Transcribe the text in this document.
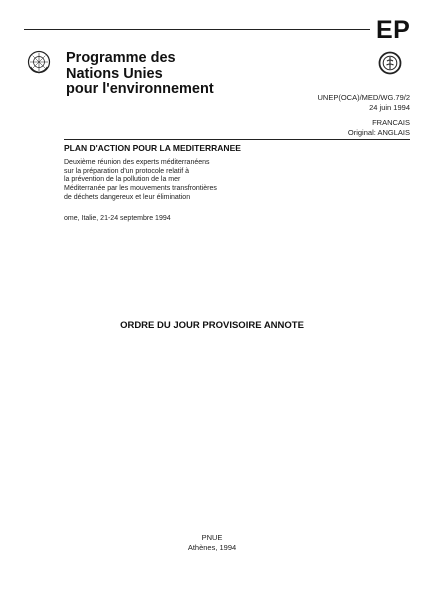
EP
Programme des
Nations Unies
pour l'environnement
UNEP(OCA)/MED/WG.79/2
24 juin 1994
FRANCAIS
Original: ANGLAIS
PLAN D'ACTION POUR LA MEDITERRANEE
Deuxième réunion des experts méditerranéens
sur la préparation d'un protocole relatif à
la prévention de la pollution de la mer
Méditerranée par les mouvements transfrontières
de déchets dangereux et leur élimination
ome, Italie, 21-24 septembre 1994
ORDRE DU JOUR PROVISOIRE ANNOTE
PNUE
Athènes, 1994
